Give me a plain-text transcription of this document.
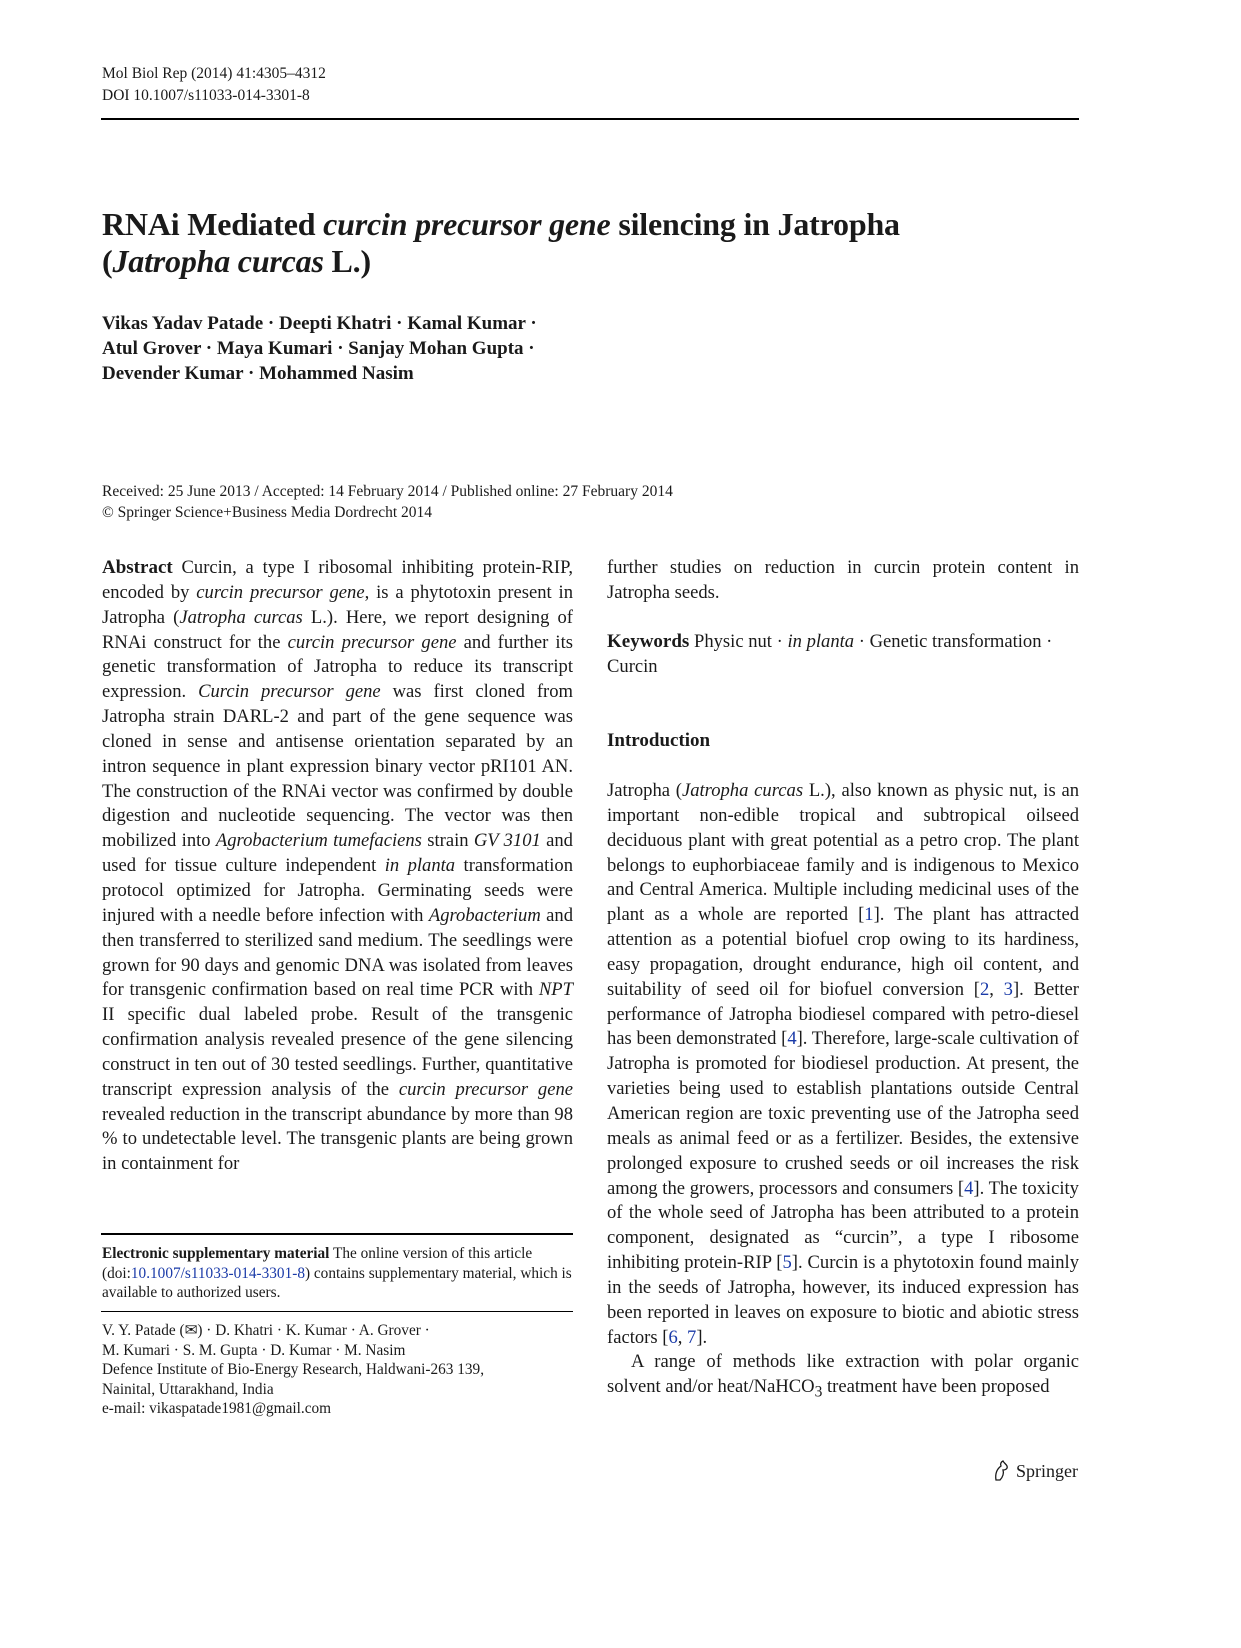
Mol Biol Rep (2014) 41:4305–4312
DOI 10.1007/s11033-014-3301-8
RNAi Mediated curcin precursor gene silencing in Jatropha
(Jatropha curcas L.)
Vikas Yadav Patade · Deepti Khatri · Kamal Kumar ·
Atul Grover · Maya Kumari · Sanjay Mohan Gupta ·
Devender Kumar · Mohammed Nasim
Received: 25 June 2013 / Accepted: 14 February 2014 / Published online: 27 February 2014
© Springer Science+Business Media Dordrecht 2014

Abstract Curcin, a type I ribosomal inhibiting protein-RIP, encoded by curcin precursor gene, is a phytotoxin present in Jatropha (Jatropha curcas L.). Here, we report designing of RNAi construct for the curcin precursor gene and further its genetic transformation of Jatropha to reduce its transcript expression. Curcin precursor gene was first cloned from Jatropha strain DARL-2 and part of the gene sequence was cloned in sense and antisense orientation separated by an intron sequence in plant expression binary vector pRI101 AN. The construction of the RNAi vector was confirmed by double digestion and nucleotide sequencing. The vector was then mobilized into Agrobacterium tumefaciens strain GV 3101 and used for tissue culture independent in planta transformation protocol optimized for Jatropha. Germinating seeds were injured with a needle before infection with Agrobacterium and then transferred to sterilized sand medium. The seedlings were grown for 90 days and genomic DNA was isolated from leaves for transgenic confirmation based on real time PCR with NPT II specific dual labeled probe. Result of the transgenic confirmation analysis revealed presence of the gene silencing construct in ten out of 30 tested seedlings. Further, quantitative transcript expression analysis of the curcin precursor gene revealed reduction in the transcript abundance by more than 98 % to undetectable level. The transgenic plants are being grown in containment for

Electronic supplementary material The online version of this article (doi:10.1007/s11033-014-3301-8) contains supplementary material, which is available to authorized users.
V. Y. Patade (✉) · D. Khatri · K. Kumar · A. Grover ·
M. Kumari · S. M. Gupta · D. Kumar · M. Nasim
Defence Institute of Bio-Energy Research, Haldwani-263 139,
Nainital, Uttarakhand, India
e-mail: vikaspatade1981@gmail.com

further studies on reduction in curcin protein content in Jatropha seeds.

Keywords Physic nut · in planta · Genetic transformation · Curcin
Introduction

Jatropha (Jatropha curcas L.), also known as physic nut, is an important non-edible tropical and subtropical oilseed deciduous plant with great potential as a petro crop. The plant belongs to euphorbiaceae family and is indigenous to Mexico and Central America. Multiple including medicinal uses of the plant as a whole are reported [1]. The plant has attracted attention as a potential biofuel crop owing to its hardiness, easy propagation, drought endurance, high oil content, and suitability of seed oil for biofuel conversion [2, 3]. Better performance of Jatropha biodiesel compared with petro-diesel has been demonstrated [4]. Therefore, large-scale cultivation of Jatropha is promoted for biodiesel production. At present, the varieties being used to establish plantations outside Central American region are toxic preventing use of the Jatropha seed meals as animal feed or as a fertilizer. Besides, the extensive prolonged exposure to crushed seeds or oil increases the risk among the growers, processors and consumers [4]. The toxicity of the whole seed of Jatropha has been attributed to a protein component, designated as “curcin”, a type I ribosome inhibiting protein-RIP [5]. Curcin is a phytotoxin found mainly in the seeds of Jatropha, however, its induced expression has been reported in leaves on exposure to biotic and abiotic stress factors [6, 7].

A range of methods like extraction with polar organic solvent and/or heat/NaHCO$_3$ treatment have been proposed

Springer
